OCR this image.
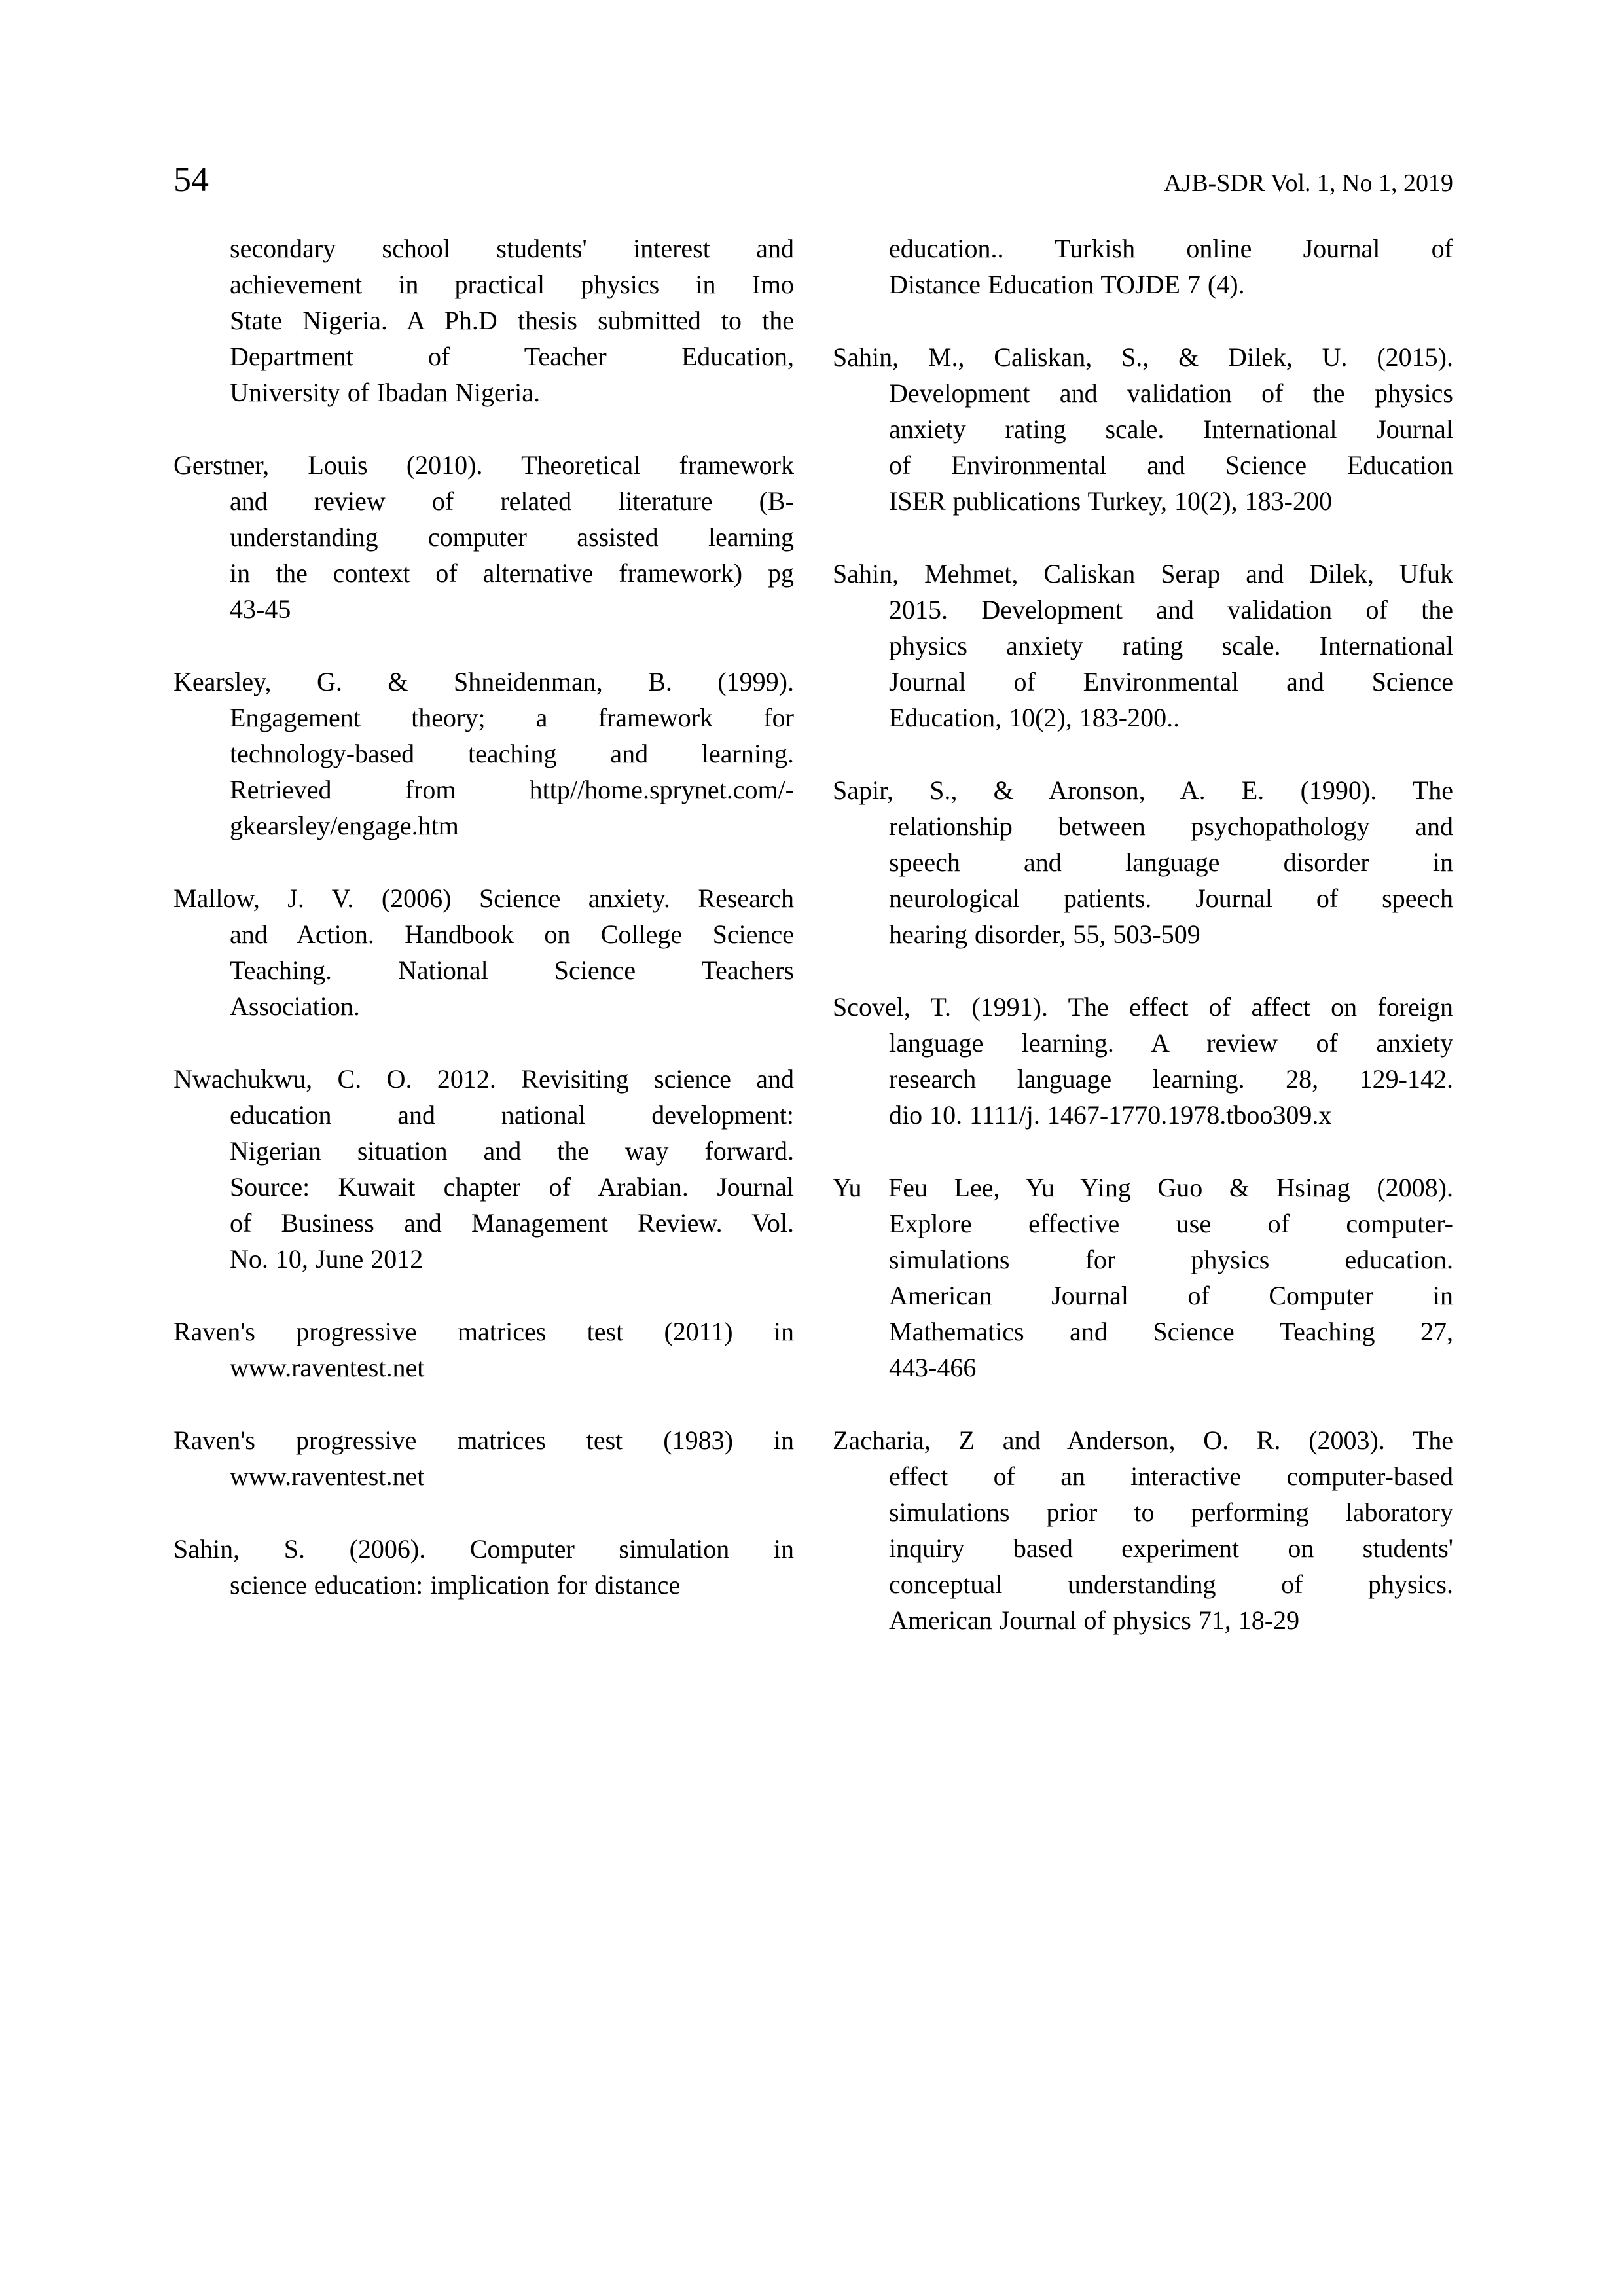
54	AJB-SDR Vol. 1, No 1, 2019
secondary school students' interest and
achievement in practical physics in Imo
State Nigeria. A Ph.D thesis submitted to the
Department of Teacher Education,
University of Ibadan Nigeria.
Gerstner, Louis (2010). Theoretical framework
and review of related literature (B-
understanding computer assisted learning
in the context of alternative framework) pg
43-45
Kearsley, G. & Shneidenman, B. (1999).
Engagement theory; a framework for
technology-based teaching and learning.
Retrieved from http//home.sprynet.com/-
gkearsley/engage.htm
Mallow, J. V. (2006) Science anxiety. Research
and Action. Handbook on College Science
Teaching. National Science Teachers
Association.
Nwachukwu, C. O. 2012. Revisiting science and
education and national development:
Nigerian situation and the way forward.
Source: Kuwait chapter of Arabian. Journal
of Business and Management Review. Vol.
No. 10, June 2012
Raven's progressive matrices test (2011) in
www.raventest.net
Raven's progressive matrices test (1983) in
www.raventest.net
Sahin, S. (2006). Computer simulation in
science education: implication for distance
education.. Turkish online Journal of
Distance Education TOJDE 7 (4).
Sahin, M., Caliskan, S., & Dilek, U. (2015).
Development and validation of the physics
anxiety rating scale. International Journal
of Environmental and Science Education
ISER publications Turkey, 10(2), 183-200
Sahin, Mehmet, Caliskan Serap and Dilek, Ufuk
2015. Development and validation of the
physics anxiety rating scale. International
Journal of Environmental and Science
Education, 10(2), 183-200..
Sapir, S., & Aronson, A. E. (1990). The
relationship between psychopathology and
speech and language disorder in
neurological patients. Journal of speech
hearing disorder, 55, 503-509
Scovel, T. (1991). The effect of affect on foreign
language learning. A review of anxiety
research language learning. 28, 129-142.
dio 10. 1111/j. 1467-1770.1978.tboo309.x
Yu Feu Lee, Yu Ying Guo & Hsinag (2008).
Explore effective use of computer-
simulations for physics education.
American Journal of Computer in
Mathematics and Science Teaching 27,
443-466
Zacharia, Z and Anderson, O. R. (2003). The
effect of an interactive computer-based
simulations prior to performing laboratory
inquiry based experiment on students'
conceptual understanding of physics.
American Journal of physics 71, 18-29
